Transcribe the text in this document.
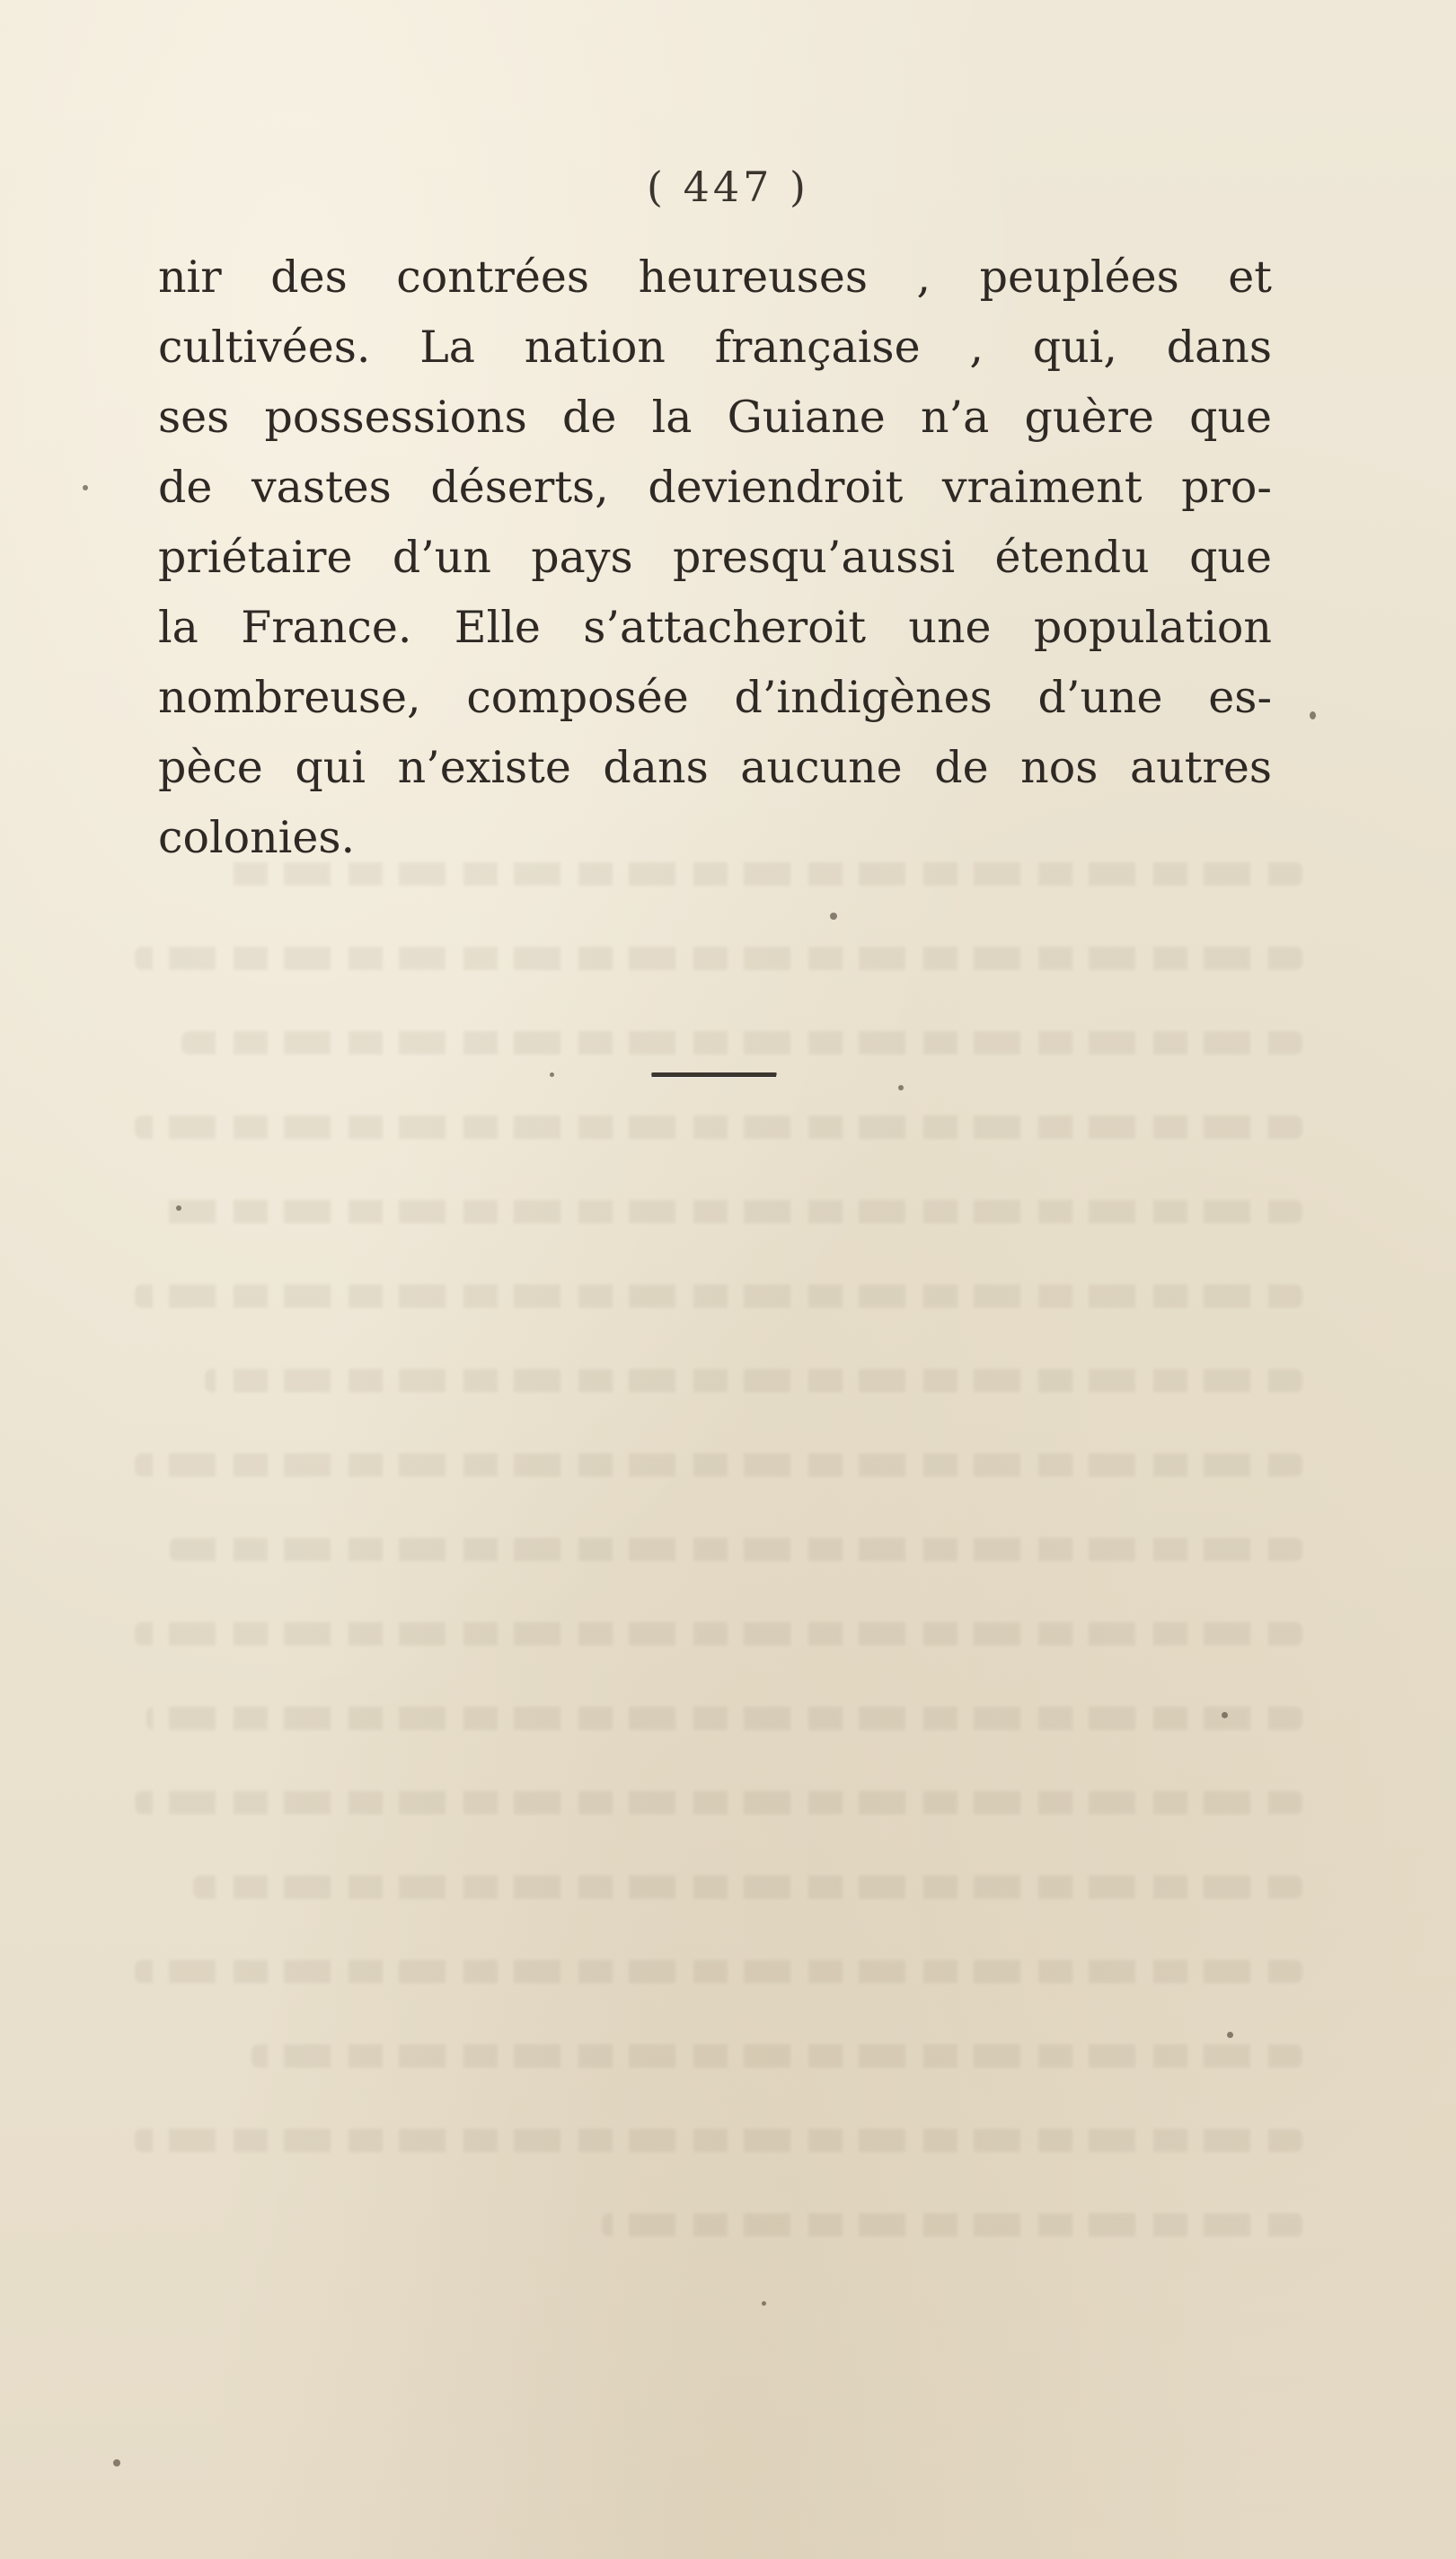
( 447 )

nir des contrées heureuses , peuplées et
cultivées. La nation française , qui, dans
ses possessions de la Guiane n’a guère que
de vastes déserts, deviendroit vraiment pro-
priétaire d’un pays presqu’aussi étendu que
la France. Elle s’attacheroit une population
nombreuse, composée d’indigènes d’une es-
pèce qui n’existe dans aucune de nos autres
colonies.
